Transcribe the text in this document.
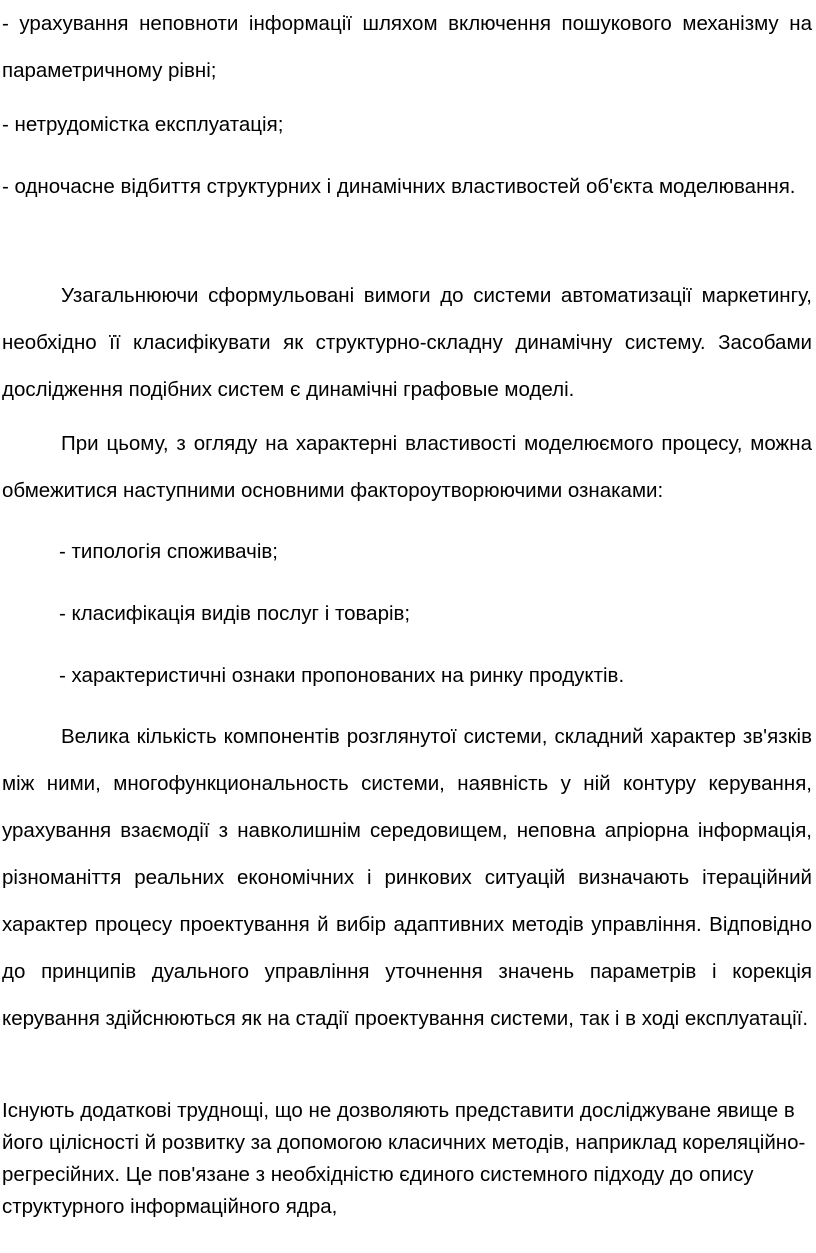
- урахування неповноти інформації шляхом включення пошукового механізму на параметричному рівні;

- нетрудомістка експлуатація;

- одночасне відбиття структурних і динамічних властивостей об'єкта моделювання.

Узагальнюючи сформульовані вимоги до системи автоматизації маркетингу, необхідно її класифікувати як структурно-складну динамічну систему. Засобами дослідження подібних систем є динамічні графовые моделі.

При цьому, з огляду на характерні властивості моделюємого процесу, можна обмежитися наступними основними факторoутворюючими ознаками:

- типологія споживачів;

- класифікація видів послуг і товарів;

- характеристичні ознаки пропонованих на ринку продуктів.

Велика кількість компонентів розглянутої системи, складний характер зв'язків між ними, многофункциональность системи, наявність у ній контуру керування, урахування взаємодії з навколишнім середовищем, неповна апріорна інформація, різноманіття реальних економічних і ринкових ситуацій визначають ітераційний характер процесу проектування й вибір адаптивних методів управління. Відповідно до принципів дуального управління уточнення значень параметрів і корекція керування здійснюються як на стадії проектування системи, так і в ході експлуатації.

Існують додаткові труднощі, що не дозволяють представити досліджуване явище в його цілісності й розвитку за допомогою класичних методів, наприклад кореляційно-регресійних. Це пов'язане з необхідністю єдиного системного підходу до опису структурного інформаційного ядра,
